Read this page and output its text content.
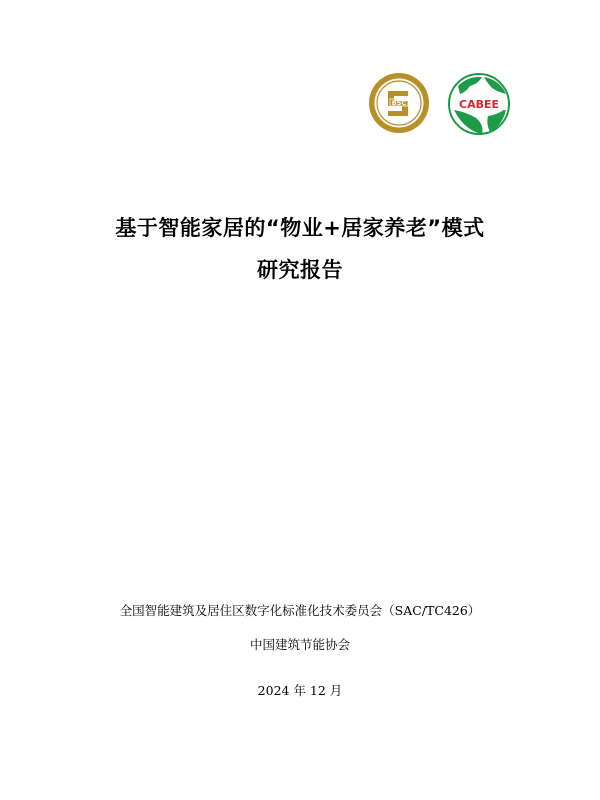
BSC	CABEE
基于智能家居的“物业+居家养老”模式
研究报告
全国智能建筑及居住区数字化标准化技术委员会（SAC/TC426）
中国建筑节能协会
2024 年 12 月
